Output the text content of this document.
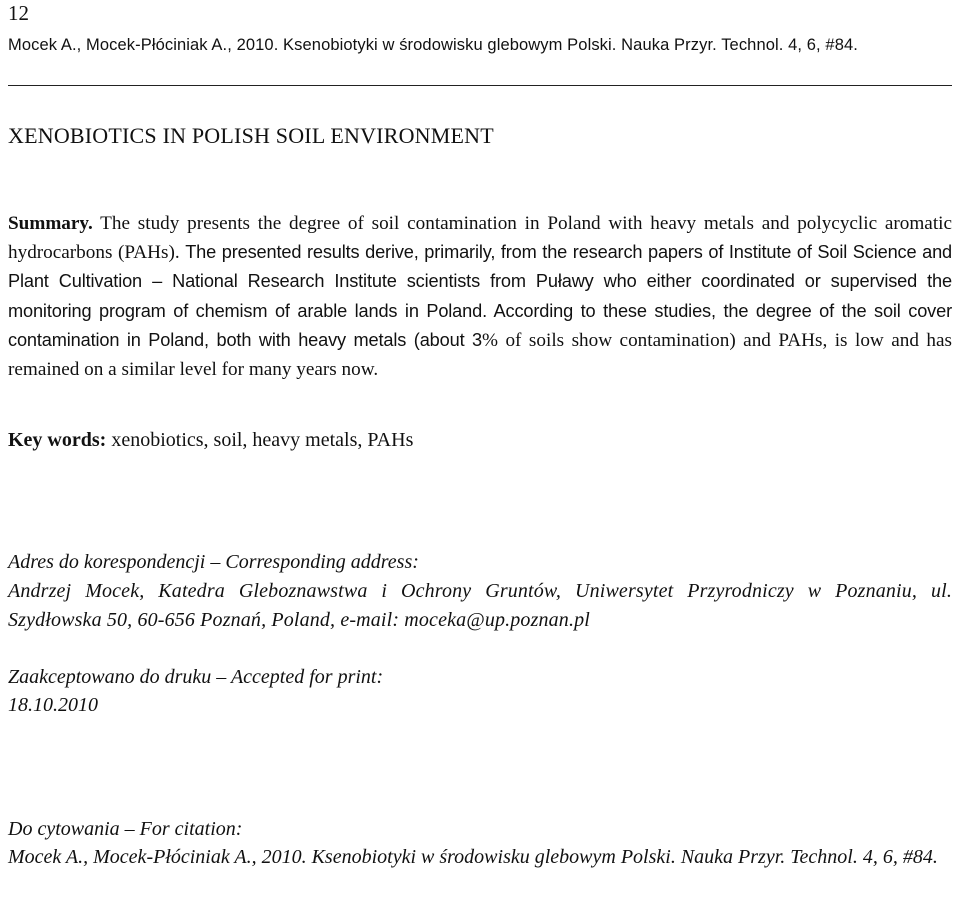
12
Mocek A., Mocek-Płóciniak A., 2010. Ksenobiotyki w środowisku glebowym Polski. Nauka Przyr. Technol. 4, 6, #84.
XENOBIOTICS IN POLISH SOIL ENVIRONMENT
Summary. The study presents the degree of soil contamination in Poland with heavy metals and polycyclic aromatic hydrocarbons (PAHs). The presented results derive, primarily, from the research papers of Institute of Soil Science and Plant Cultivation – National Research Institute scientists from Puławy who either coordinated or supervised the monitoring program of chemism of arable lands in Poland. According to these studies, the degree of the soil cover contamination in Poland, both with heavy metals (about 3% of soils show contamination) and PAHs, is low and has remained on a similar level for many years now.
Key words: xenobiotics, soil, heavy metals, PAHs
Adres do korespondencji – Corresponding address:
Andrzej Mocek, Katedra Gleboznawstwa i Ochrony Gruntów, Uniwersytet Przyrodniczy w Poznaniu, ul. Szydłowska 50, 60-656 Poznań, Poland, e-mail: moceka@up.poznan.pl
Zaakceptowano do druku – Accepted for print:
18.10.2010
Do cytowania – For citation:
Mocek A., Mocek-Płóciniak A., 2010. Ksenobiotyki w środowisku glebowym Polski. Nauka Przyr. Technol. 4, 6, #84.
